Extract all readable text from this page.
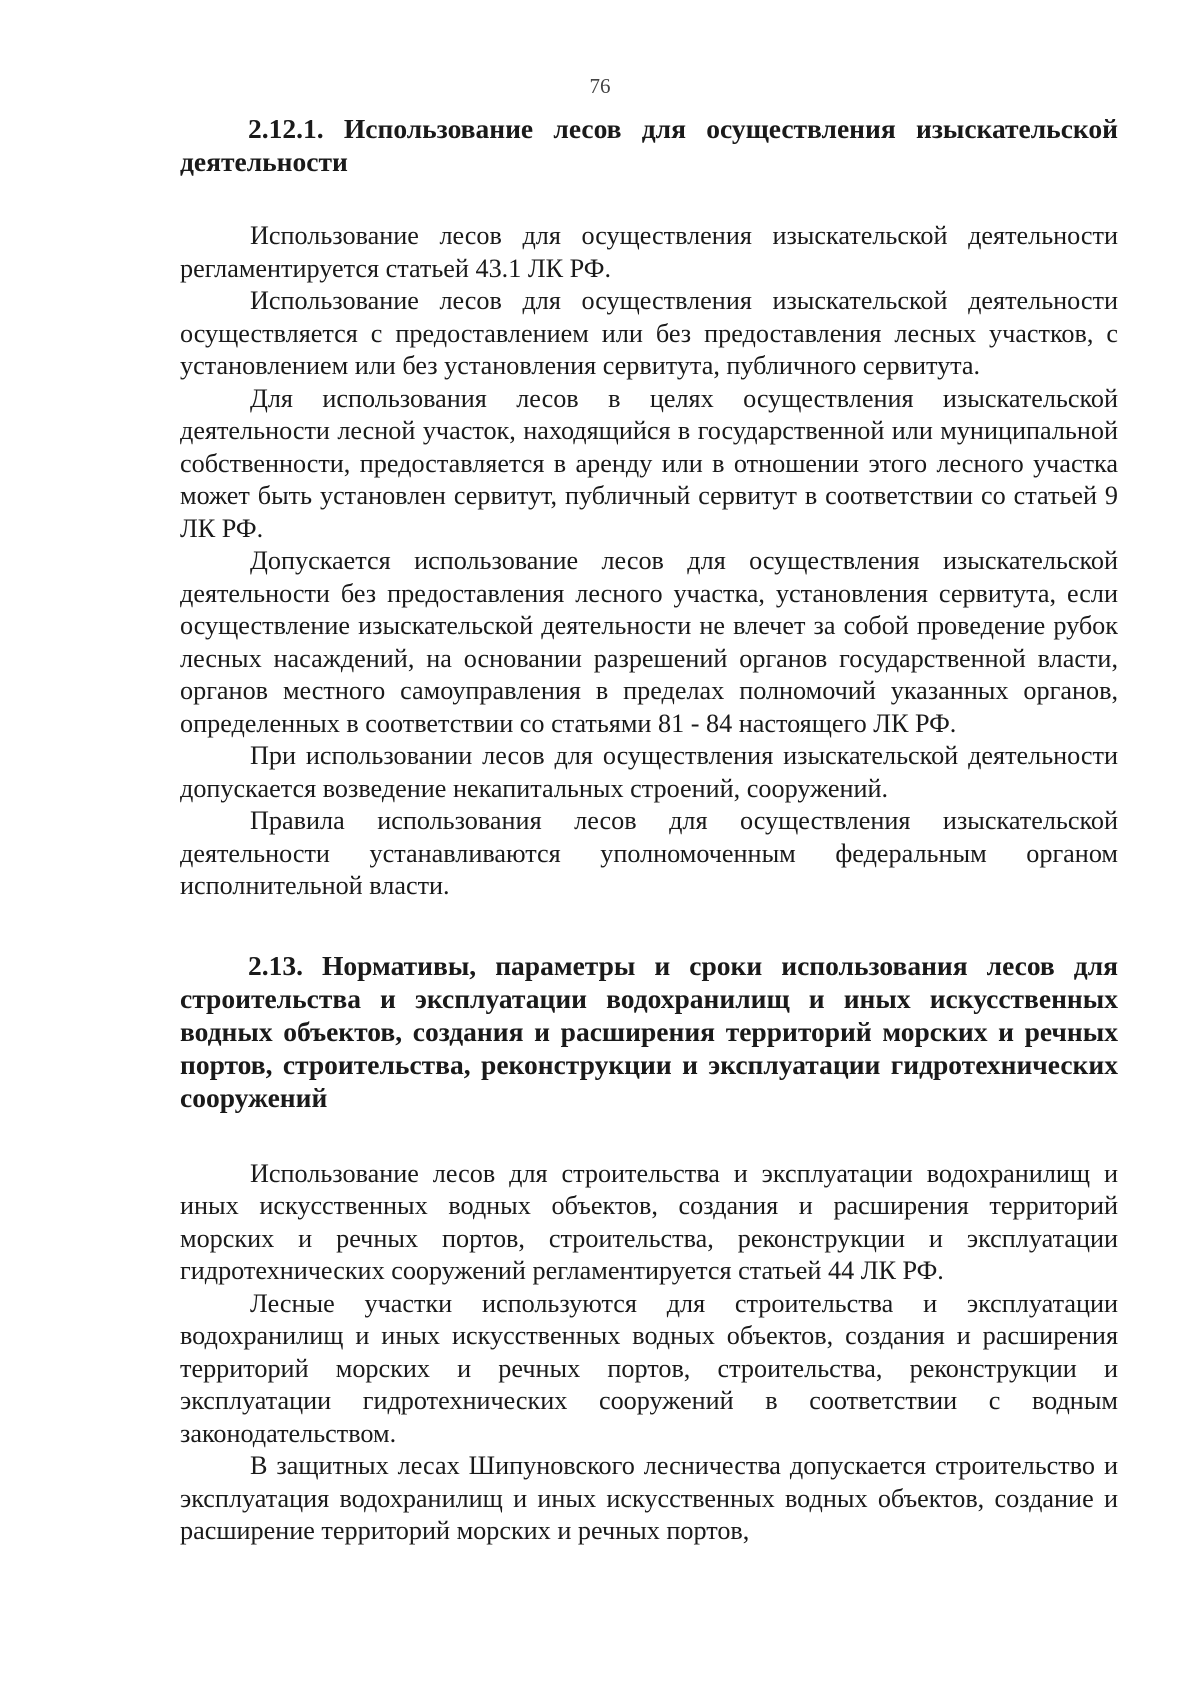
76

2.12.1. Использование лесов для осуществления изыскательской деятельности

Использование лесов для осуществления изыскательской деятельности регламентируется статьей 43.1 ЛК РФ.

Использование лесов для осуществления изыскательской деятельности осуществляется с предоставлением или без предоставления лесных участков, с установлением или без установления сервитута, публичного сервитута.

Для использования лесов в целях осуществления изыскательской деятельности лесной участок, находящийся в государственной или муниципальной собственности, предоставляется в аренду или в отношении этого лесного участка может быть установлен сервитут, публичный сервитут в соответствии со статьей 9 ЛК РФ.

Допускается использование лесов для осуществления изыскательской деятельности без предоставления лесного участка, установления сервитута, если осуществление изыскательской деятельности не влечет за собой проведение рубок лесных насаждений, на основании разрешений органов государственной власти, органов местного самоуправления в пределах полномочий указанных органов, определенных в соответствии со статьями 81 - 84 настоящего ЛК РФ.

При использовании лесов для осуществления изыскательской деятельности допускается возведение некапитальных строений, сооружений.

Правила использования лесов для осуществления изыскательской деятельности устанавливаются уполномоченным федеральным органом исполнительной власти.

2.13. Нормативы, параметры и сроки использования лесов для строительства и эксплуатации водохранилищ и иных искусственных водных объектов, создания и расширения территорий морских и речных портов, строительства, реконструкции и эксплуатации гидротехнических сооружений

Использование лесов для строительства и эксплуатации водохранилищ и иных искусственных водных объектов, создания и расширения территорий морских и речных портов, строительства, реконструкции и эксплуатации гидротехнических сооружений регламентируется статьей 44 ЛК РФ.

Лесные участки используются для строительства и эксплуатации водохранилищ и иных искусственных водных объектов, создания и расширения территорий морских и речных портов, строительства, реконструкции и эксплуатации гидротехнических сооружений в соответствии с водным законодательством.

В защитных лесах Шипуновского лесничества допускается строительство и эксплуатация водохранилищ и иных искусственных водных объектов, создание и расширение территорий морских и речных портов,
